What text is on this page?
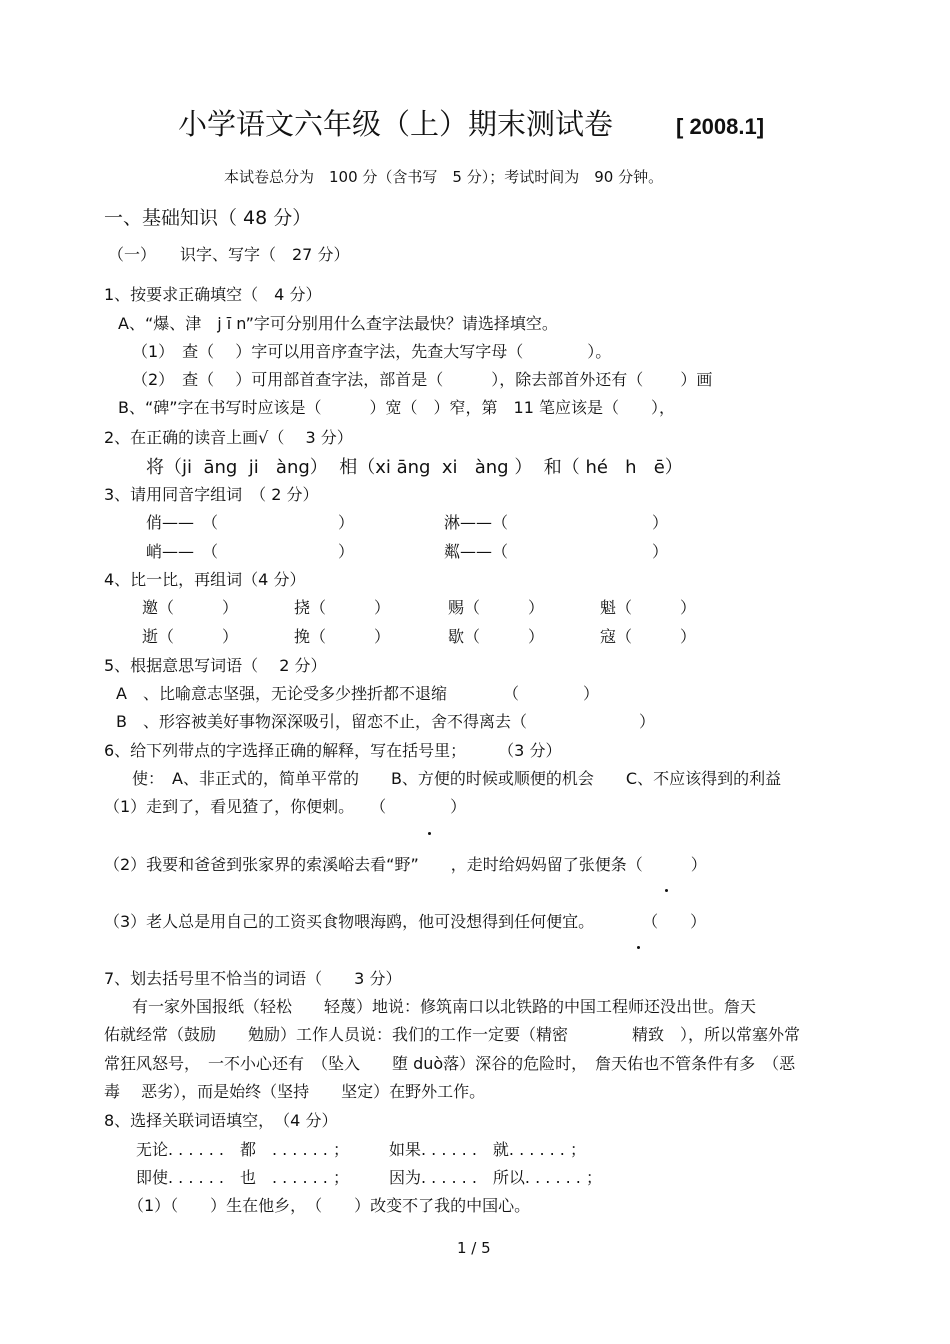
小学语文六年级（上）期末测试卷	[ 2008.1]
本试卷总分为　100 分（含书写　5 分）；考试时间为　90 分钟。
一、基础知识（ 48 分）
（一）　　识字、写字（　27 分）
1、按要求正确填空（　4 分）
A、“爆、津　j ī n”字可分别用什么查字法最快？请选择填空。
（1）　查（　 ）字可以用音序查字法，先查大写字母（　　　　）。
（2）　查（　 ）可用部首查字法，部首是（　　　），除去部首外还有（　　 ）画
B、“碑”字在书写时应该是（　　　）宽（　）窄，第　11 笔应该是（　　），
2、在正确的读音上画√（　 3 分）
将（ji  āng  ji   àng）  相（xi āng  xi   àng ）  和（ hé   h   ē）
3、请用同音字组词　（ 2 分）
俏——　（	）	淋——（	）
峭——　（	）	粼——（	）
4、比一比，再组词（4 分）
邀（　　　）	挠（　　　）	赐（　　　）	魁（　　　）
逝（　　　）	挽（　　　）	歇（　　　）	寇（　　　）
5、根据意思写词语（　 2 分）
A　、比喻意志坚强，无论受多少挫折都不退缩　　　　（　　　　）
B　、形容被美好事物深深吸引，留恋不止，舍不得离去（　　　　　　　）
6、给下列带点的字选择正确的解释，写在括号里；　　　（3 分）
使：　A、非正式的，简单平常的　　B、方便的时候或顺便的机会　　C、不应该得到的利益
（1）走到了，看见猹了，你便刺。　　（　　　　）
（2）我要和爸爸到张家界的索溪峪去看“野”　　，走时给妈妈留了张便条（　　　）
（3）老人总是用自己的工资买食物喂海鸥，他可没想得到任何便宜。　　　　（　　）
7、划去括号里不恰当的词语（　　3 分）
有一家外国报纸（轻松　　轻蔑）地说：修筑南口以北铁路的中国工程师还没出世。詹天
佑就经常（鼓励　　勉励）工作人员说：我们的工作一定要（精密　　　　精致　），所以常塞外常
常狂风怒号，　一不小心还有　（坠入　　堕 duò落）深谷的危险时，　詹天佑也不管条件有多　（恶
毒　 恶劣），而是始终（坚持　　坚定）在野外工作。
8、选择关联词语填空，　（4 分）
无论. . . . . .　都　. . . . . . ；　　　如果. . . . . .　就. . . . . . ；
即使. . . . . .　也　. . . . . . ；　　　因为. . . . . .　所以. . . . . . ；
（1）（　　）生在他乡，　（　　）改变不了我的中国心。
1 / 5
